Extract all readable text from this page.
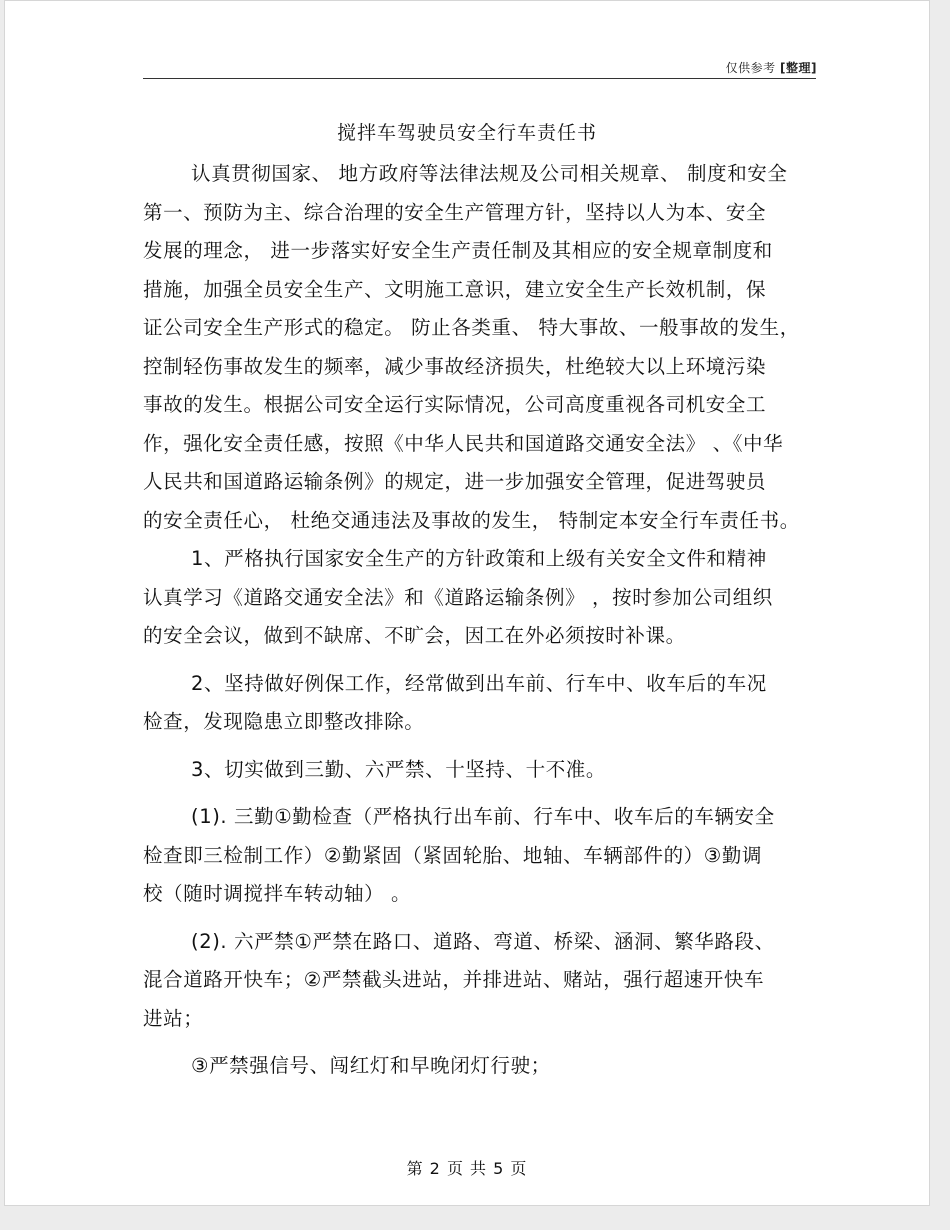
仅供参考 [整理]
搅拌车驾驶员安全行车责任书
认真贯彻国家、 地方政府等法律法规及公司相关规章、 制度和安全
第一、预防为主、综合治理的安全生产管理方针，坚持以人为本、安全
发展的理念， 进一步落实好安全生产责任制及其相应的安全规章制度和
措施，加强全员安全生产、文明施工意识，建立安全生产长效机制，保
证公司安全生产形式的稳定。 防止各类重、 特大事故、一般事故的发生，
控制轻伤事故发生的频率，减少事故经济损失，杜绝较大以上环境污染
事故的发生。根据公司安全运行实际情况，公司高度重视各司机安全工
作，强化安全责任感，按照《中华人民共和国道路交通安全法》 、《中华
人民共和国道路运输条例》的规定，进一步加强安全管理，促进驾驶员
的安全责任心， 杜绝交通违法及事故的发生， 特制定本安全行车责任书。
1、严格执行国家安全生产的方针政策和上级有关安全文件和精神
认真学习《道路交通安全法》和《道路运输条例》 ，按时参加公司组织
的安全会议，做到不缺席、不旷会，因工在外必须按时补课。
2、坚持做好例保工作，经常做到出车前、行车中、收车后的车况
检查，发现隐患立即整改排除。
3、切实做到三勤、六严禁、十坚持、十不准。
(1). 三勤①勤检查（严格执行出车前、行车中、收车后的车辆安全
检查即三检制工作）②勤紧固（紧固轮胎、地轴、车辆部件的）③勤调
校（随时调搅拌车转动轴） 。
(2). 六严禁①严禁在路口、道路、弯道、桥梁、涵洞、繁华路段、
混合道路开快车；②严禁截头进站，并排进站、赌站，强行超速开快车
进站；
③严禁强信号、闯红灯和早晚闭灯行驶；
第 2 页 共 5 页
